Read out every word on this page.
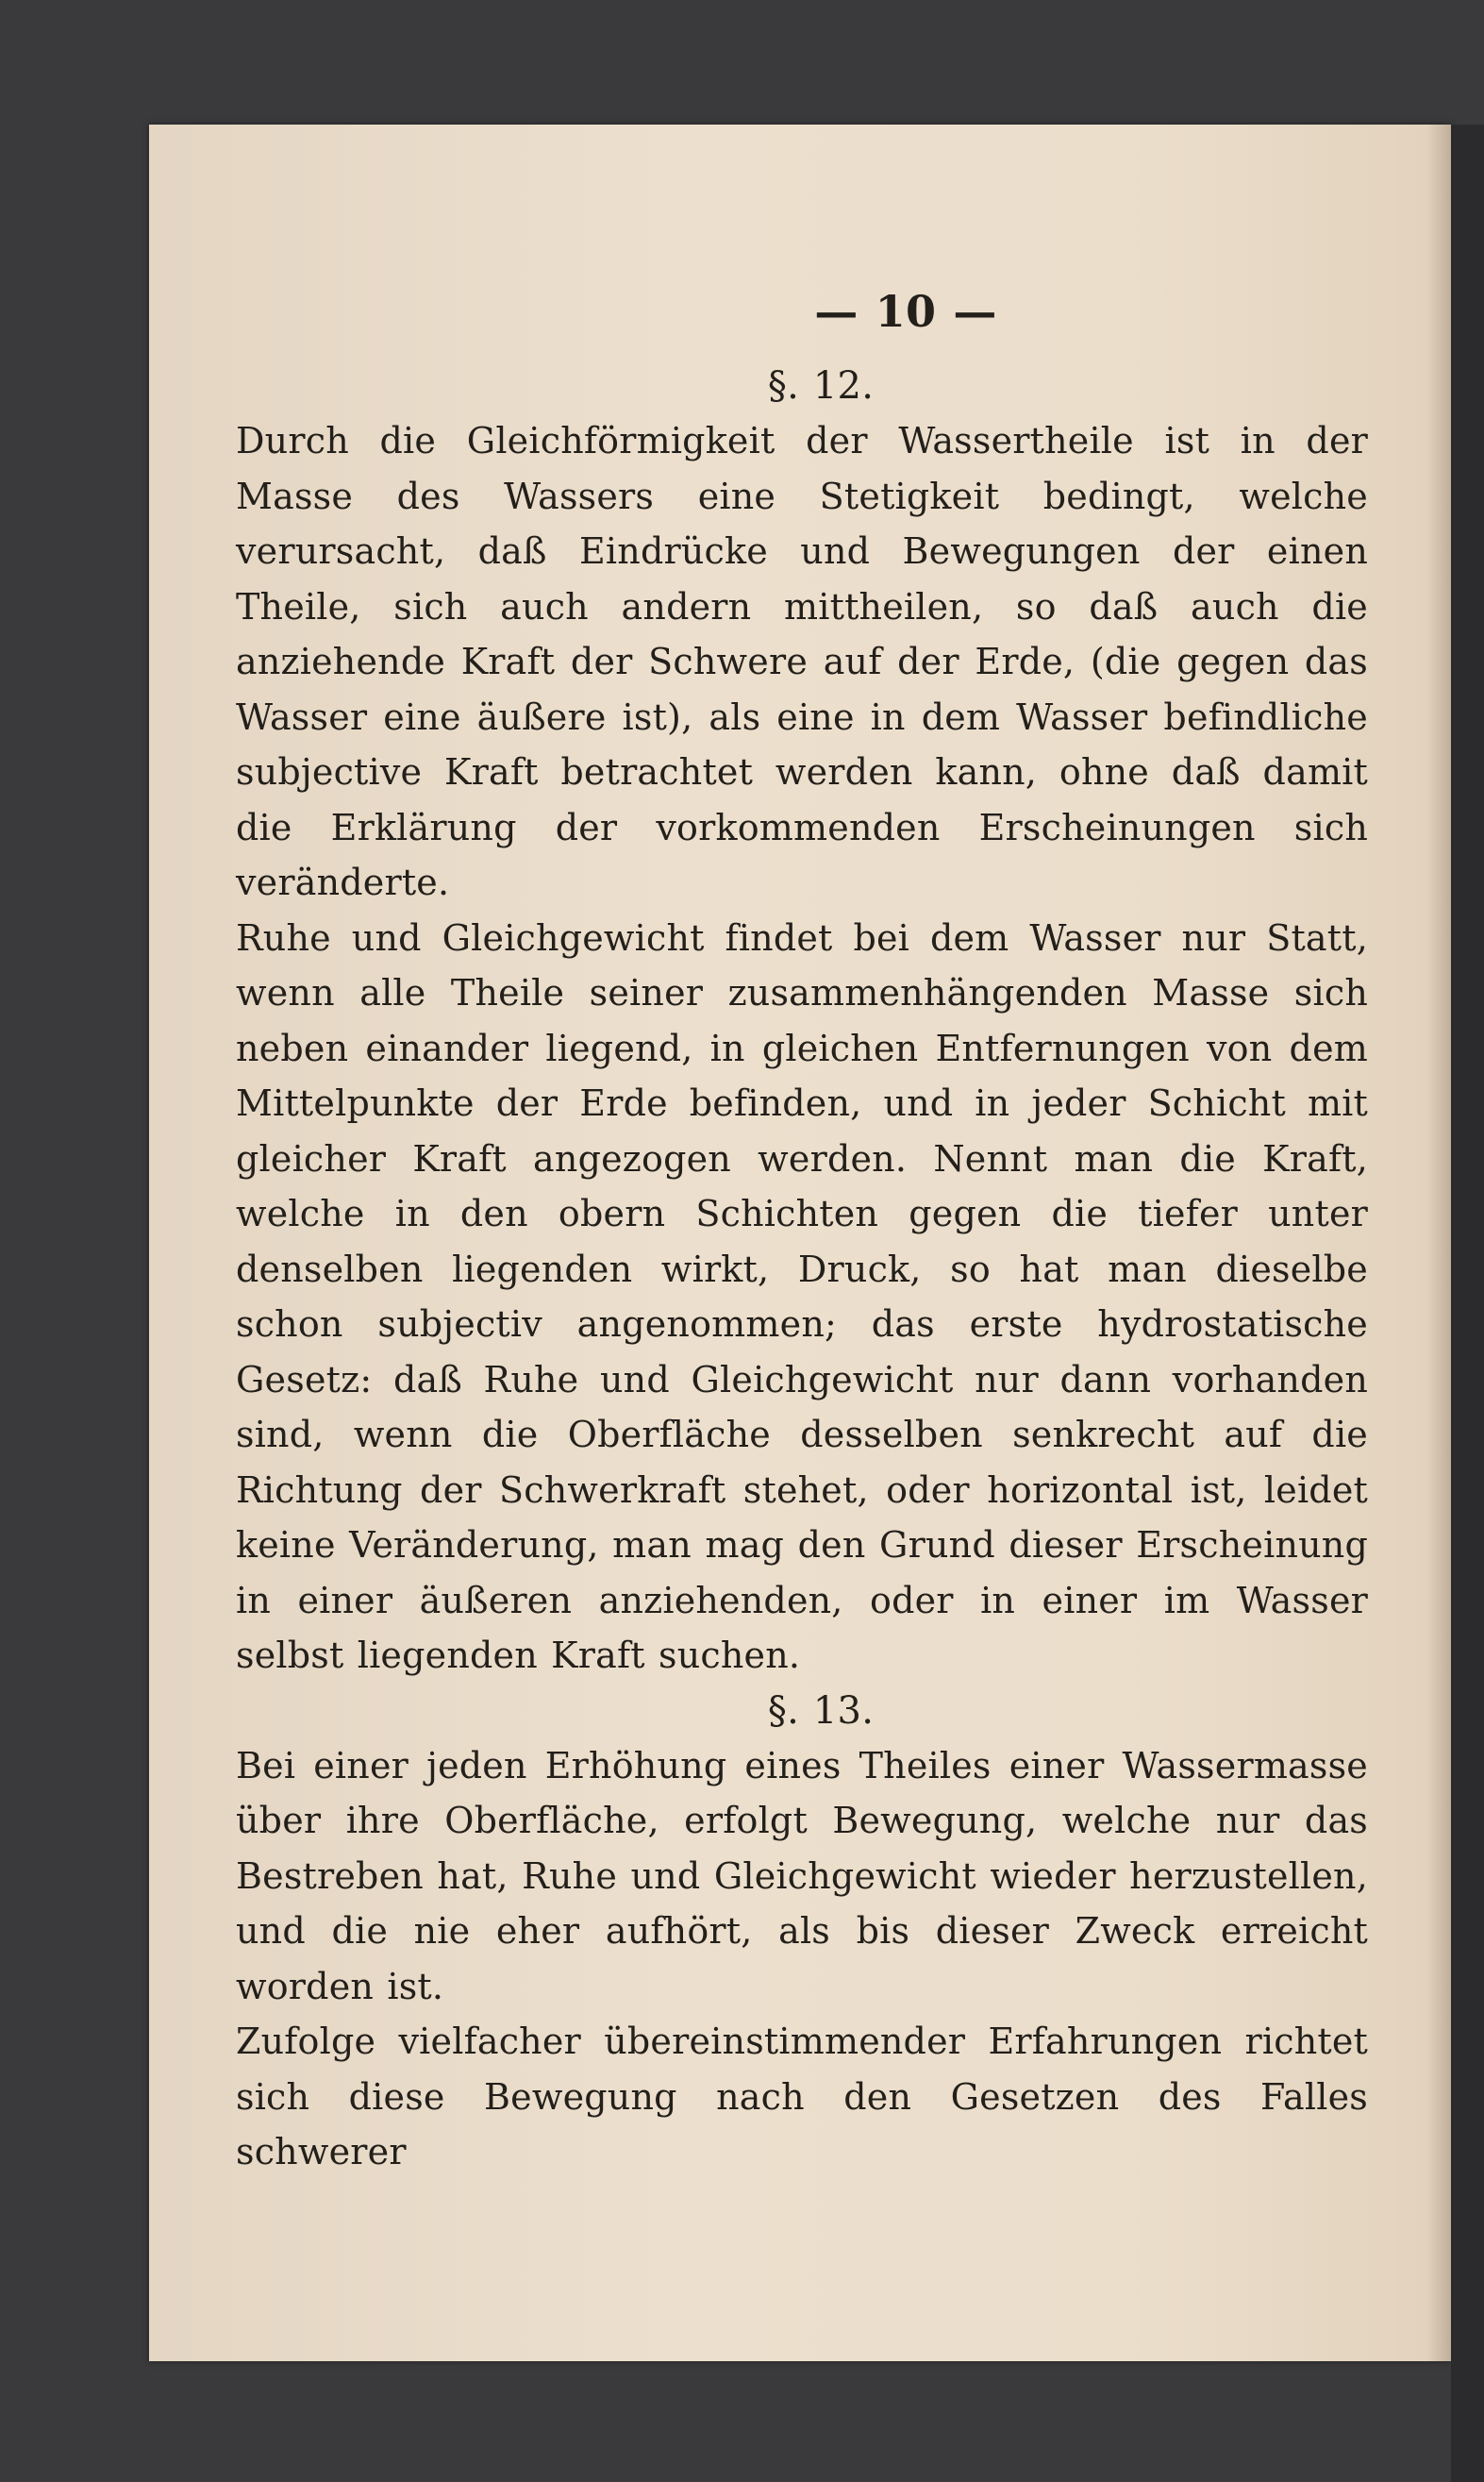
— 10 —
§. 12.

Durch die Gleichförmigkeit der Wassertheile ist in der Masse des Wassers eine Stetigkeit bedingt, welche verursacht, daß Eindrücke und Bewegungen der einen Theile, sich auch andern mittheilen, so daß auch die anziehende Kraft der Schwere auf der Erde, (die gegen das Wasser eine äußere ist), als eine in dem Wasser befindliche subjective Kraft betrachtet werden kann, ohne daß damit die Erklärung der vorkommenden Erscheinungen sich veränderte.

Ruhe und Gleichgewicht findet bei dem Wasser nur Statt, wenn alle Theile seiner zusammenhängenden Masse sich neben einander liegend, in gleichen Entfernungen von dem Mittelpunkte der Erde befinden, und in jeder Schicht mit gleicher Kraft angezogen werden. Nennt man die Kraft, welche in den obern Schichten gegen die tiefer unter denselben liegenden wirkt, Druck, so hat man dieselbe schon subjectiv angenommen; das erste hydrostatische Gesetz: daß Ruhe und Gleichgewicht nur dann vorhanden sind, wenn die Oberfläche desselben senkrecht auf die Richtung der Schwerkraft stehet, oder horizontal ist, leidet keine Veränderung, man mag den Grund dieser Erscheinung in einer äußeren anziehenden, oder in einer im Wasser selbst liegenden Kraft suchen.

§. 13.

Bei einer jeden Erhöhung eines Theiles einer Wassermasse über ihre Oberfläche, erfolgt Bewegung, welche nur das Bestreben hat, Ruhe und Gleichgewicht wieder herzustellen, und die nie eher aufhört, als bis dieser Zweck erreicht worden ist.

Zufolge vielfacher übereinstimmender Erfahrungen richtet sich diese Bewegung nach den Gesetzen des Falles schwerer
